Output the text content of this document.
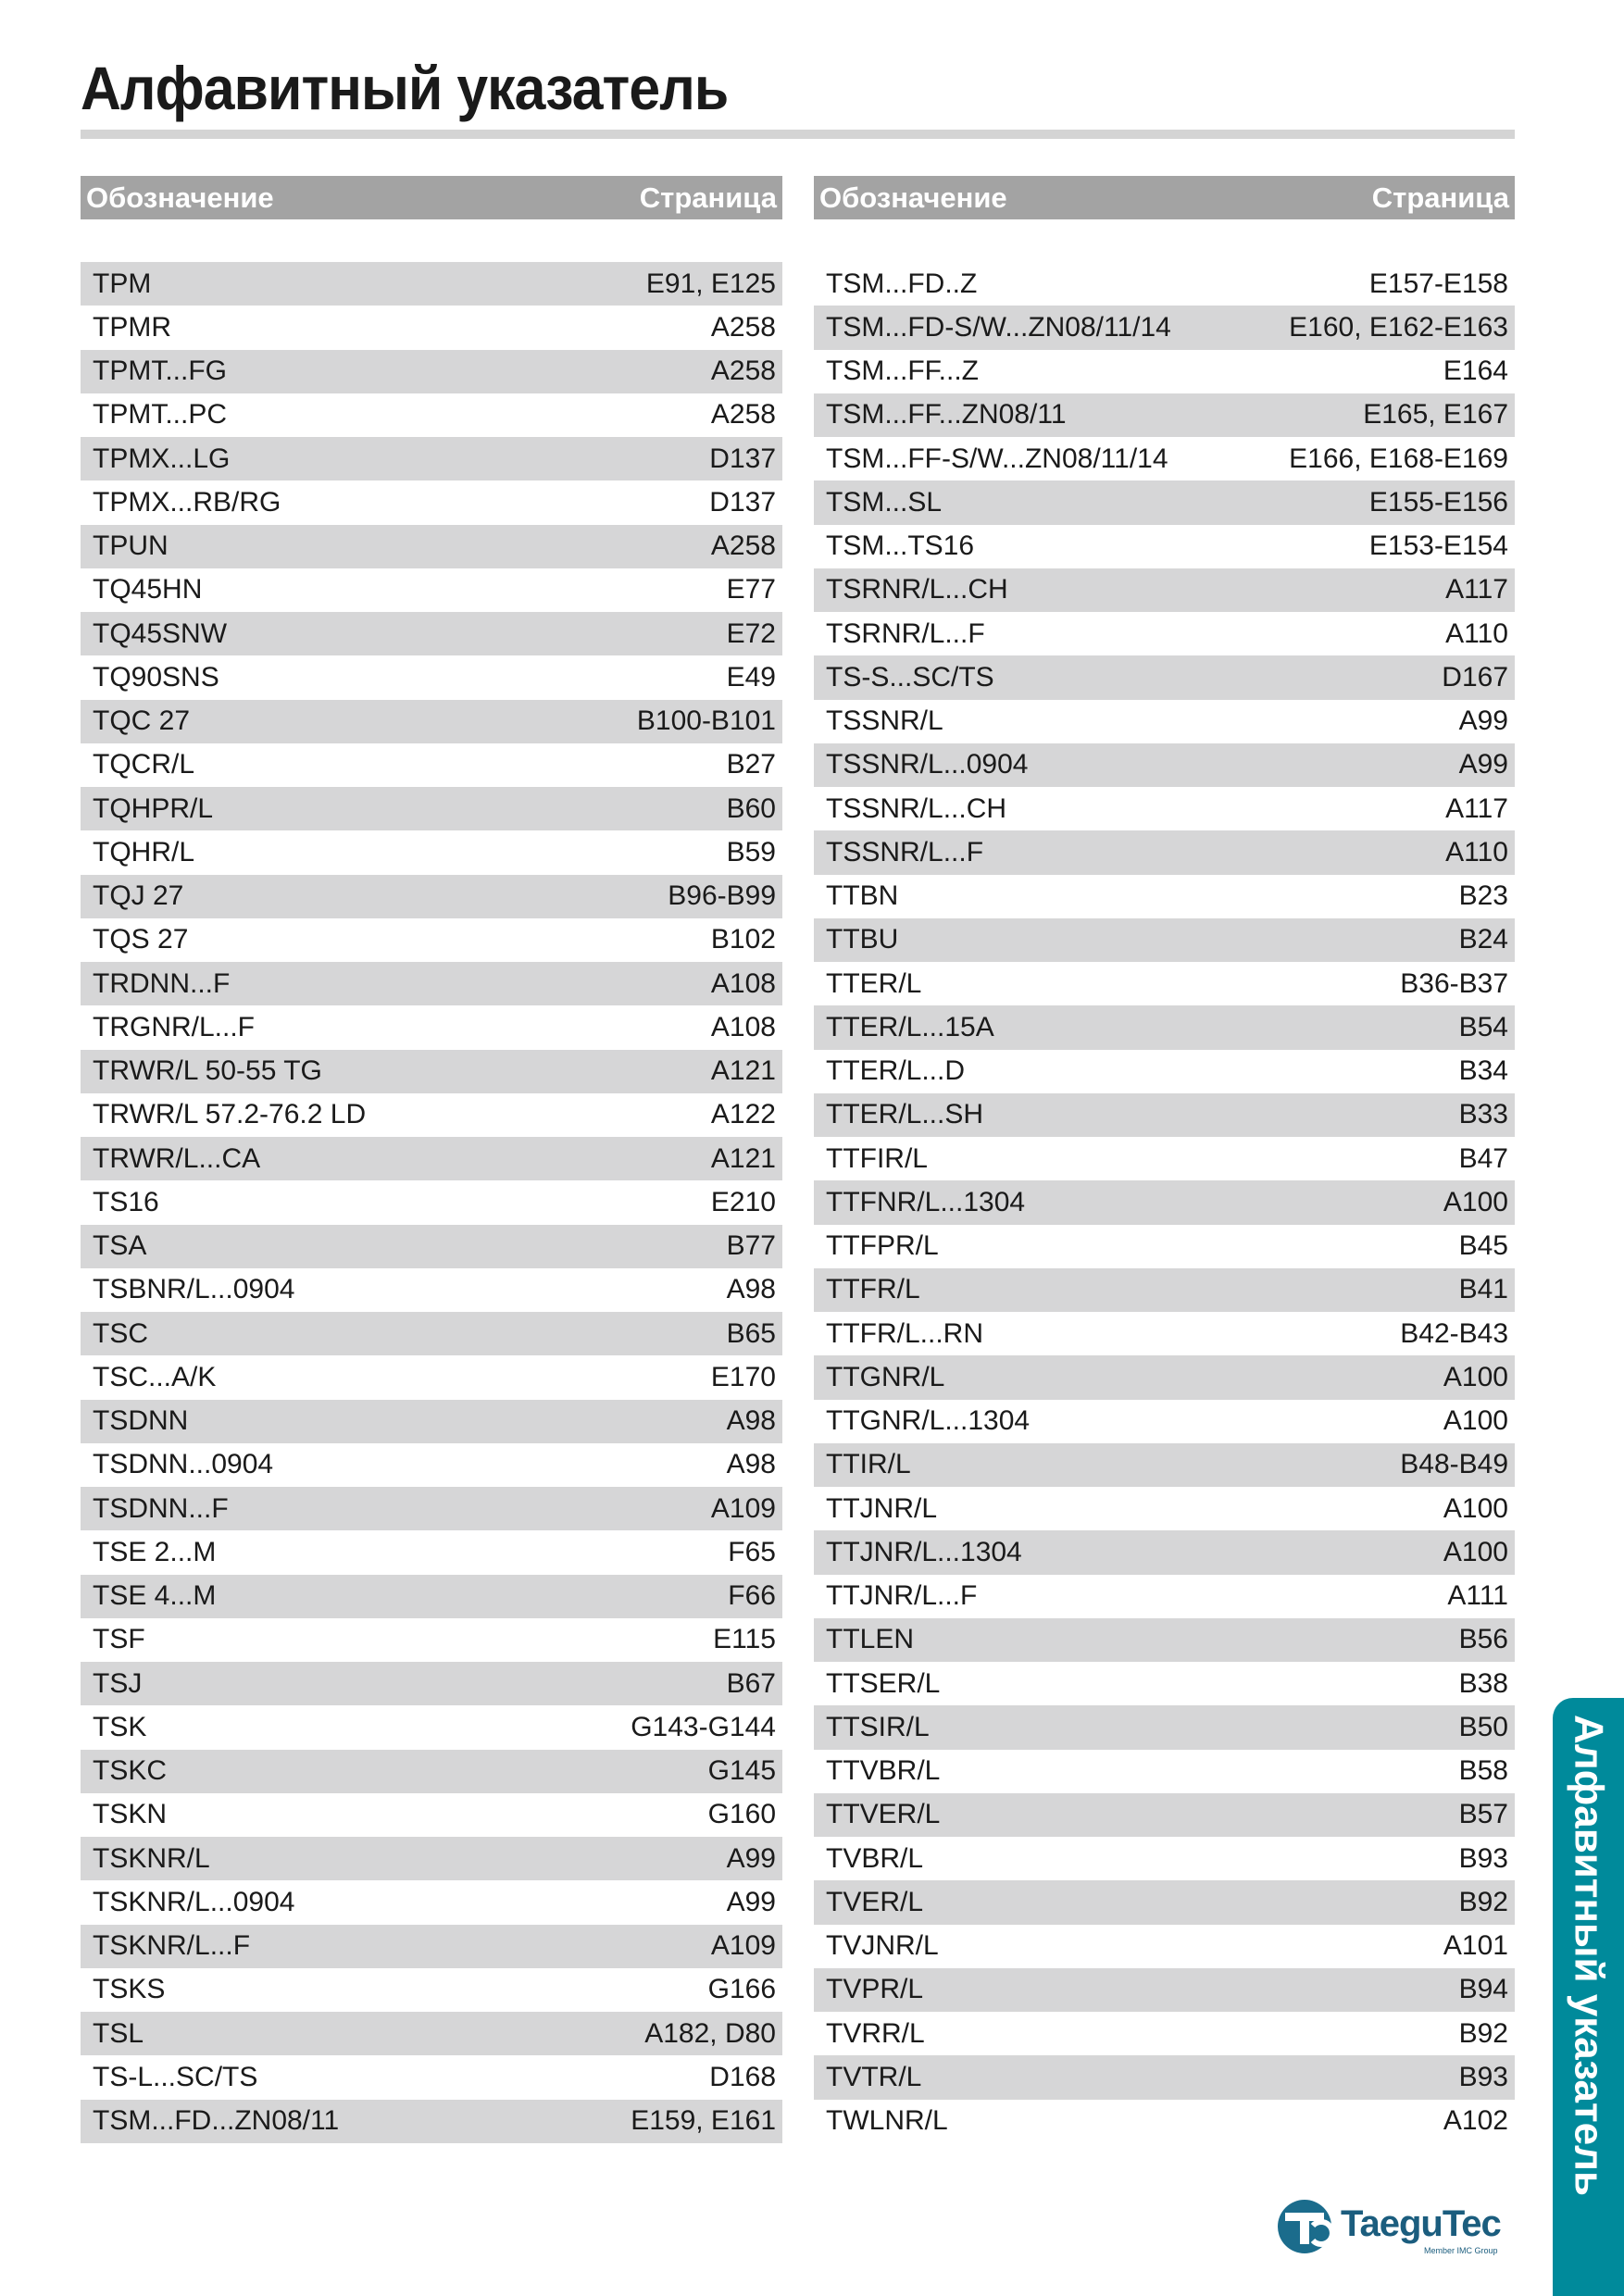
Алфавитный указатель
Обозначение	Страница
TPM	E91, E125
TPMR	A258
TPMT...FG	A258
TPMT...PC	A258
TPMX...LG	D137
TPMX...RB/RG	D137
TPUN	A258
TQ45HN	E77
TQ45SNW	E72
TQ90SNS	E49
TQC 27	B100-B101
TQCR/L	B27
TQHPR/L	B60
TQHR/L	B59
TQJ 27	B96-B99
TQS 27	B102
TRDNN...F	A108
TRGNR/L...F	A108
TRWR/L 50-55 TG	A121
TRWR/L 57.2-76.2 LD	A122
TRWR/L...CA	A121
TS16	E210
TSA	B77
TSBNR/L...0904	A98
TSC	B65
TSC...A/K	E170
TSDNN	A98
TSDNN...0904	A98
TSDNN...F	A109
TSE 2...M	F65
TSE 4...M	F66
TSF	E115
TSJ	B67
TSK	G143-G144
TSKC	G145
TSKN	G160
TSKNR/L	A99
TSKNR/L...0904	A99
TSKNR/L...F	A109
TSKS	G166
TSL	A182, D80
TS-L...SC/TS	D168
TSM...FD...ZN08/11	E159, E161
Обозначение	Страница
TSM...FD..Z	E157-E158
TSM...FD-S/W...ZN08/11/14	E160, E162-E163
TSM...FF...Z	E164
TSM...FF...ZN08/11	E165, E167
TSM...FF-S/W...ZN08/11/14	E166, E168-E169
TSM...SL	E155-E156
TSM...TS16	E153-E154
TSRNR/L...CH	A117
TSRNR/L...F	A110
TS-S...SC/TS	D167
TSSNR/L	A99
TSSNR/L...0904	A99
TSSNR/L...CH	A117
TSSNR/L...F	A110
TTBN	B23
TTBU	B24
TTER/L	B36-B37
TTER/L...15A	B54
TTER/L...D	B34
TTER/L...SH	B33
TTFIR/L	B47
TTFNR/L...1304	A100
TTFPR/L	B45
TTFR/L	B41
TTFR/L...RN	B42-B43
TTGNR/L	A100
TTGNR/L...1304	A100
TTIR/L	B48-B49
TTJNR/L	A100
TTJNR/L...1304	A100
TTJNR/L...F	A111
TTLEN	B56
TTSER/L	B38
TTSIR/L	B50
TTVBR/L	B58
TTVER/L	B57
TVBR/L	B93
TVER/L	B92
TVJNR/L	A101
TVPR/L	B94
TVRR/L	B92
TVTR/L	B93
TWLNR/L	A102 Алфавитный указатель
TaeguTec
Member IMC Group
